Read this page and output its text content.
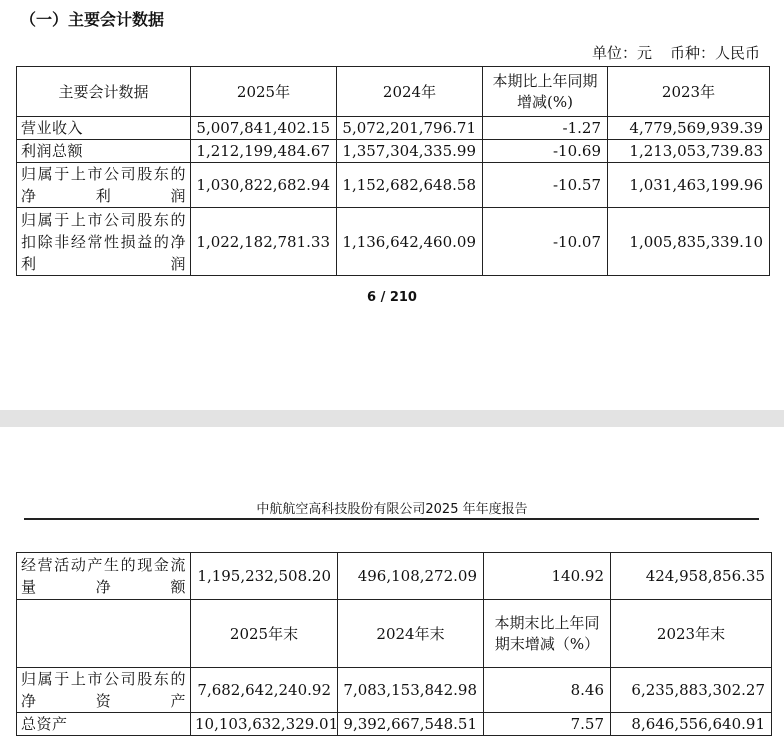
（一）主要会计数据
单位：元 币种：人民币
主要会计数据	2025年	2024年	本期比上年同期增减(%)	2023年
营业收入	5,007,841,402.15	5,072,201,796.71	-1.27	4,779,569,939.39
利润总额	1,212,199,484.67	1,357,304,335.99	-10.69	1,213,053,739.83
归属于上市公司股东的净利润	1,030,822,682.94	1,152,682,648.58	-10.57	1,031,463,199.96
归属于上市公司股东的扣除非经常性损益的净利润	1,022,182,781.33	1,136,642,460.09	-10.07	1,005,835,339.10
6 / 210
中航航空高科技股份有限公司2025 年年度报告
经营活动产生的现金流量净额	1,195,232,508.20	496,108,272.09	140.92	424,958,856.35
	2025年末	2024年末	本期末比上年同期末增减（%）	2023年末
归属于上市公司股东的净资产	7,682,642,240.92	7,083,153,842.98	8.46	6,235,883,302.27
总资产	10,103,632,329.01	9,392,667,548.51	7.57	8,646,556,640.91
